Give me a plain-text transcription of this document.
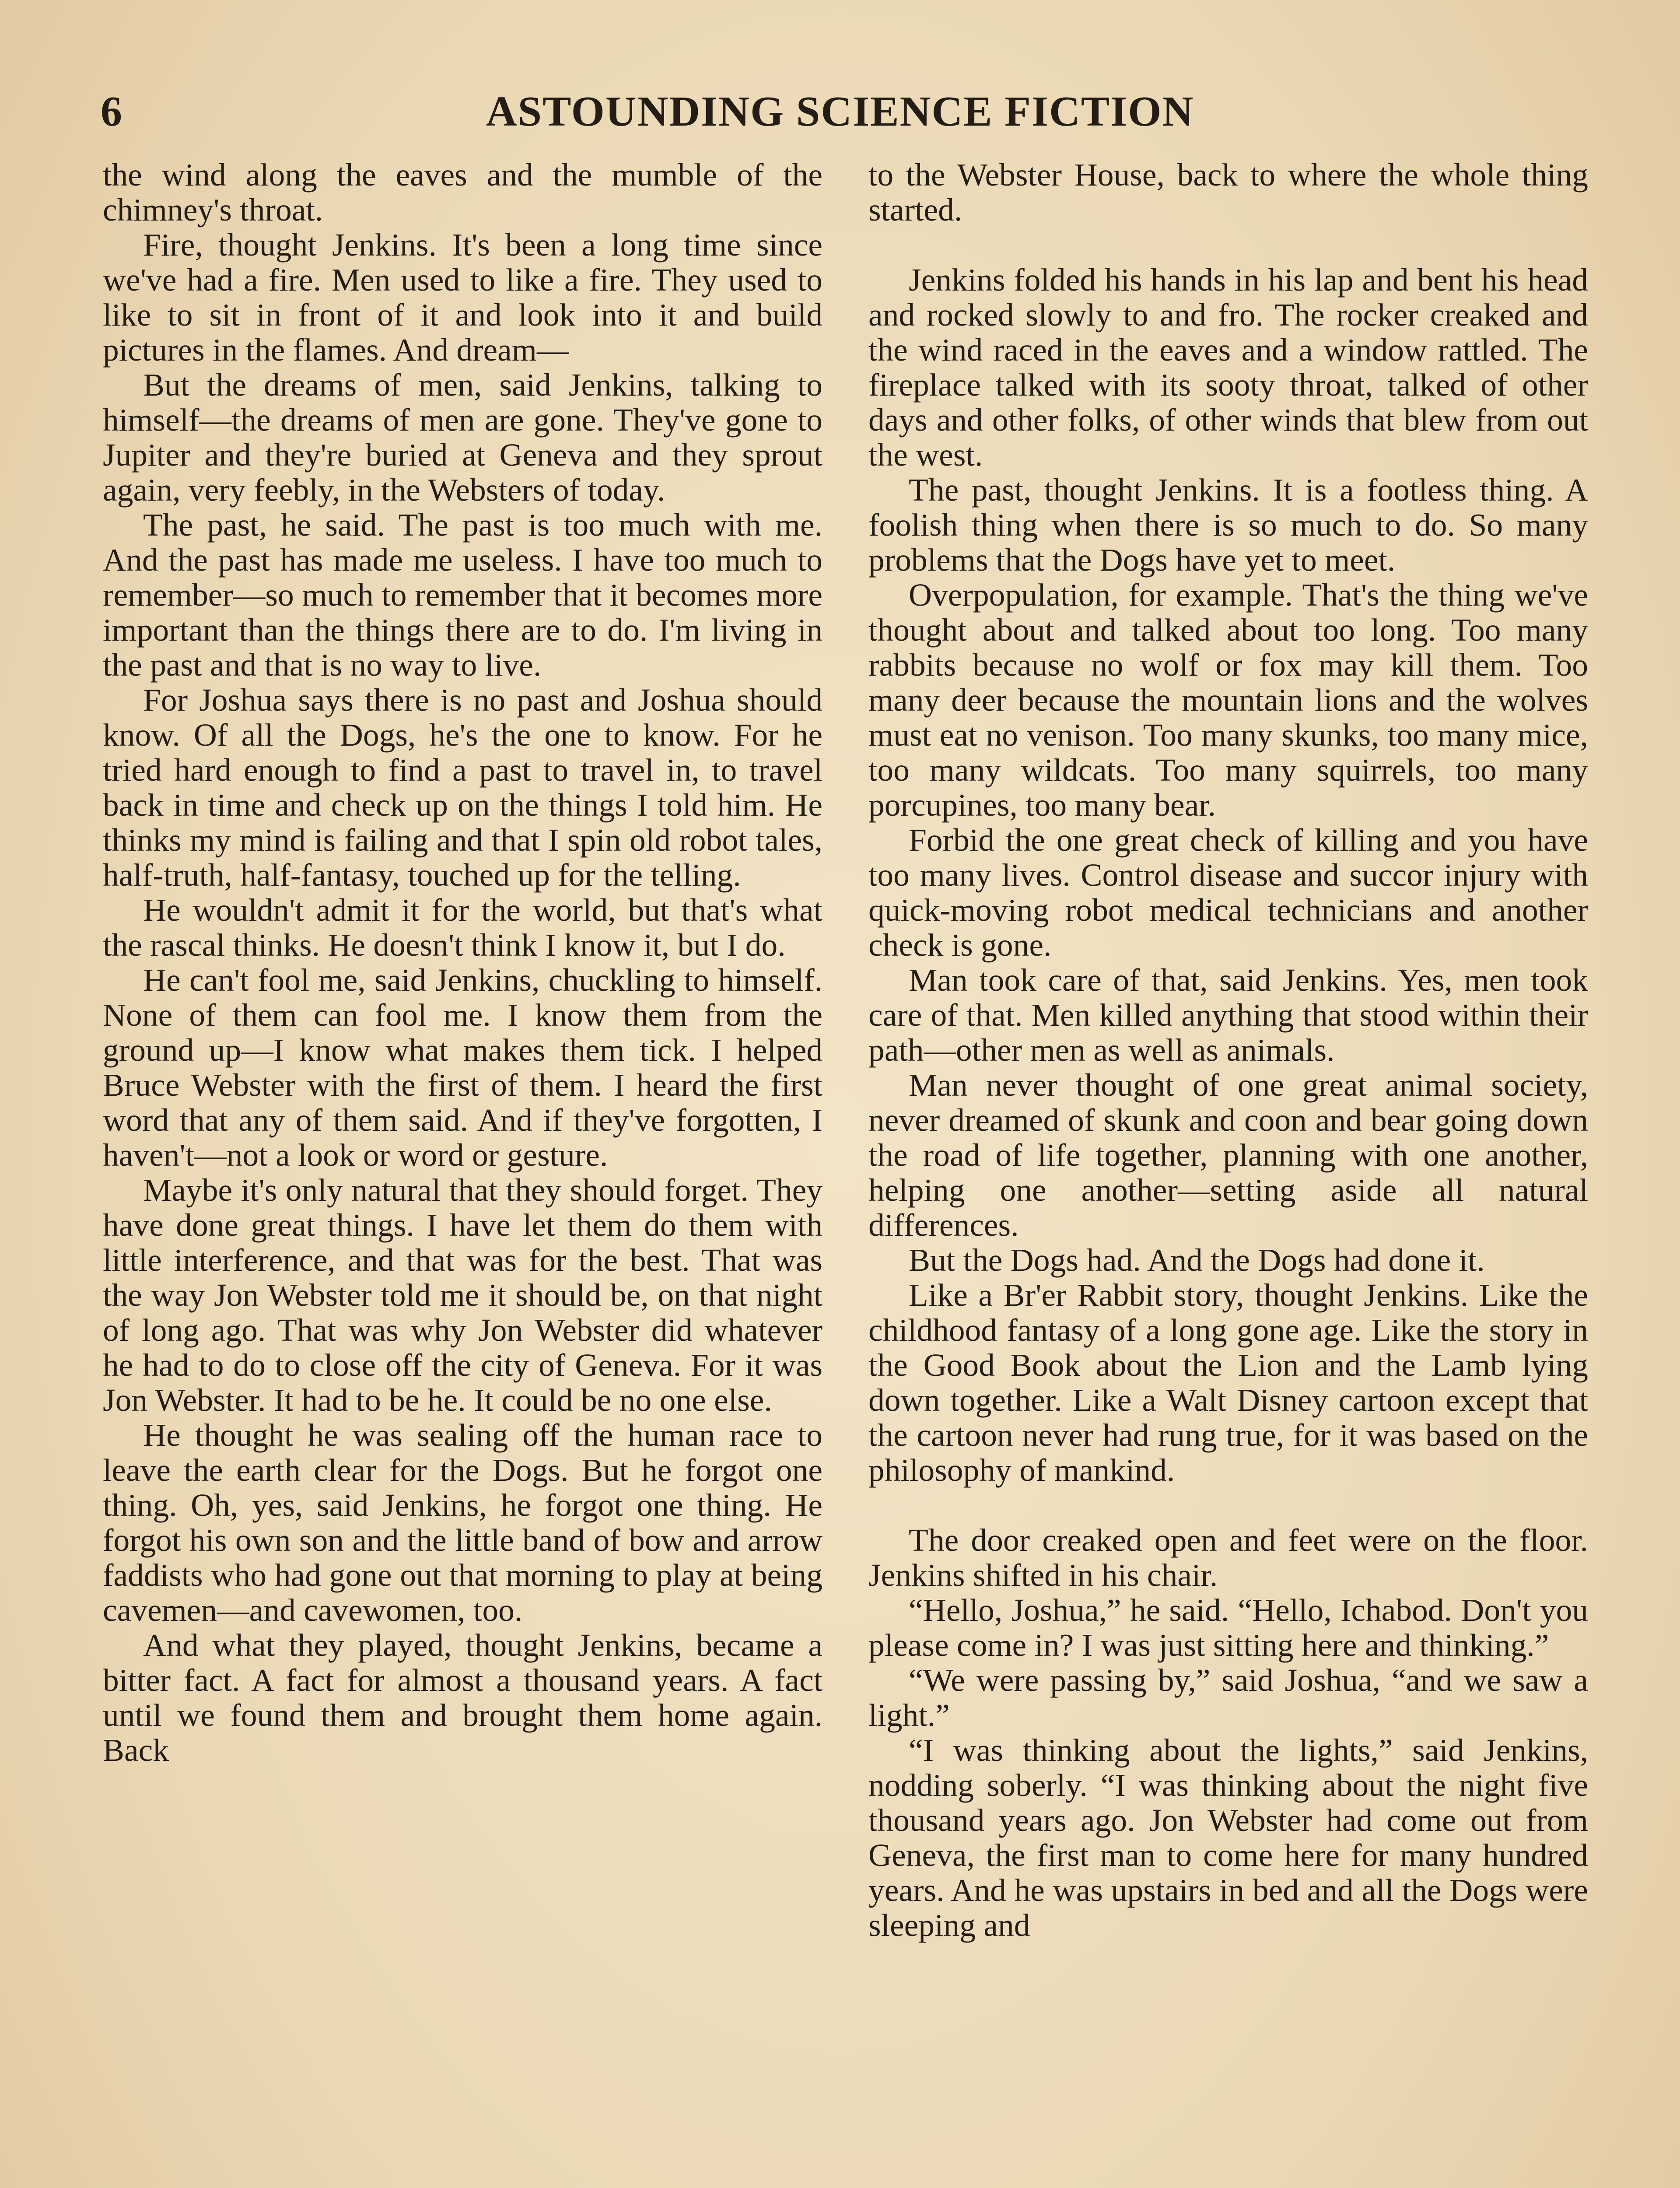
6	ASTOUNDING SCIENCE FICTION

the wind along the eaves and the mumble of the chimney's throat.

Fire, thought Jenkins. It's been a long time since we've had a fire. Men used to like a fire. They used to like to sit in front of it and look into it and build pictures in the flames. And dream—

But the dreams of men, said Jenkins, talking to himself—the dreams of men are gone. They've gone to Jupiter and they're buried at Geneva and they sprout again, very feebly, in the Websters of today.

The past, he said. The past is too much with me. And the past has made me useless. I have too much to remember—so much to remember that it becomes more important than the things there are to do. I'm living in the past and that is no way to live.

For Joshua says there is no past and Joshua should know. Of all the Dogs, he's the one to know. For he tried hard enough to find a past to travel in, to travel back in time and check up on the things I told him. He thinks my mind is failing and that I spin old robot tales, half-truth, half-fantasy, touched up for the telling.

He wouldn't admit it for the world, but that's what the rascal thinks. He doesn't think I know it, but I do.

He can't fool me, said Jenkins, chuckling to himself. None of them can fool me. I know them from the ground up—I know what makes them tick. I helped Bruce Webster with the first of them. I heard the first word that any of them said. And if they've forgotten, I haven't—not a look or word or gesture.

Maybe it's only natural that they should forget. They have done great things. I have let them do them with little interference, and that was for the best. That was the way Jon Webster told me it should be, on that night of long ago. That was why Jon Webster did whatever he had to do to close off the city of Geneva. For it was Jon Webster. It had to be he. It could be no one else.

He thought he was sealing off the human race to leave the earth clear for the Dogs. But he forgot one thing. Oh, yes, said Jenkins, he forgot one thing. He forgot his own son and the little band of bow and arrow faddists who had gone out that morning to play at being cavemen—and cavewomen, too.

And what they played, thought Jenkins, became a bitter fact. A fact for almost a thousand years. A fact until we found them and brought them home again. Back

to the Webster House, back to where the whole thing started.

Jenkins folded his hands in his lap and bent his head and rocked slowly to and fro. The rocker creaked and the wind raced in the eaves and a window rattled. The fireplace talked with its sooty throat, talked of other days and other folks, of other winds that blew from out the west.

The past, thought Jenkins. It is a footless thing. A foolish thing when there is so much to do. So many problems that the Dogs have yet to meet.

Overpopulation, for example. That's the thing we've thought about and talked about too long. Too many rabbits because no wolf or fox may kill them. Too many deer because the mountain lions and the wolves must eat no venison. Too many skunks, too many mice, too many wildcats. Too many squirrels, too many porcupines, too many bear.

Forbid the one great check of killing and you have too many lives. Control disease and succor injury with quick-moving robot medical technicians and another check is gone.

Man took care of that, said Jenkins. Yes, men took care of that. Men killed anything that stood within their path—other men as well as animals.

Man never thought of one great animal society, never dreamed of skunk and coon and bear going down the road of life together, planning with one another, helping one another—setting aside all natural differences.

But the Dogs had. And the Dogs had done it.

Like a Br'er Rabbit story, thought Jenkins. Like the childhood fantasy of a long gone age. Like the story in the Good Book about the Lion and the Lamb lying down together. Like a Walt Disney cartoon except that the cartoon never had rung true, for it was based on the philosophy of mankind.

The door creaked open and feet were on the floor. Jenkins shifted in his chair.

“Hello, Joshua,” he said. “Hello, Ichabod. Don't you please come in? I was just sitting here and thinking.”

“We were passing by,” said Joshua, “and we saw a light.”

“I was thinking about the lights,” said Jenkins, nodding soberly. “I was thinking about the night five thousand years ago. Jon Webster had come out from Geneva, the first man to come here for many hundred years. And he was upstairs in bed and all the Dogs were sleeping and
